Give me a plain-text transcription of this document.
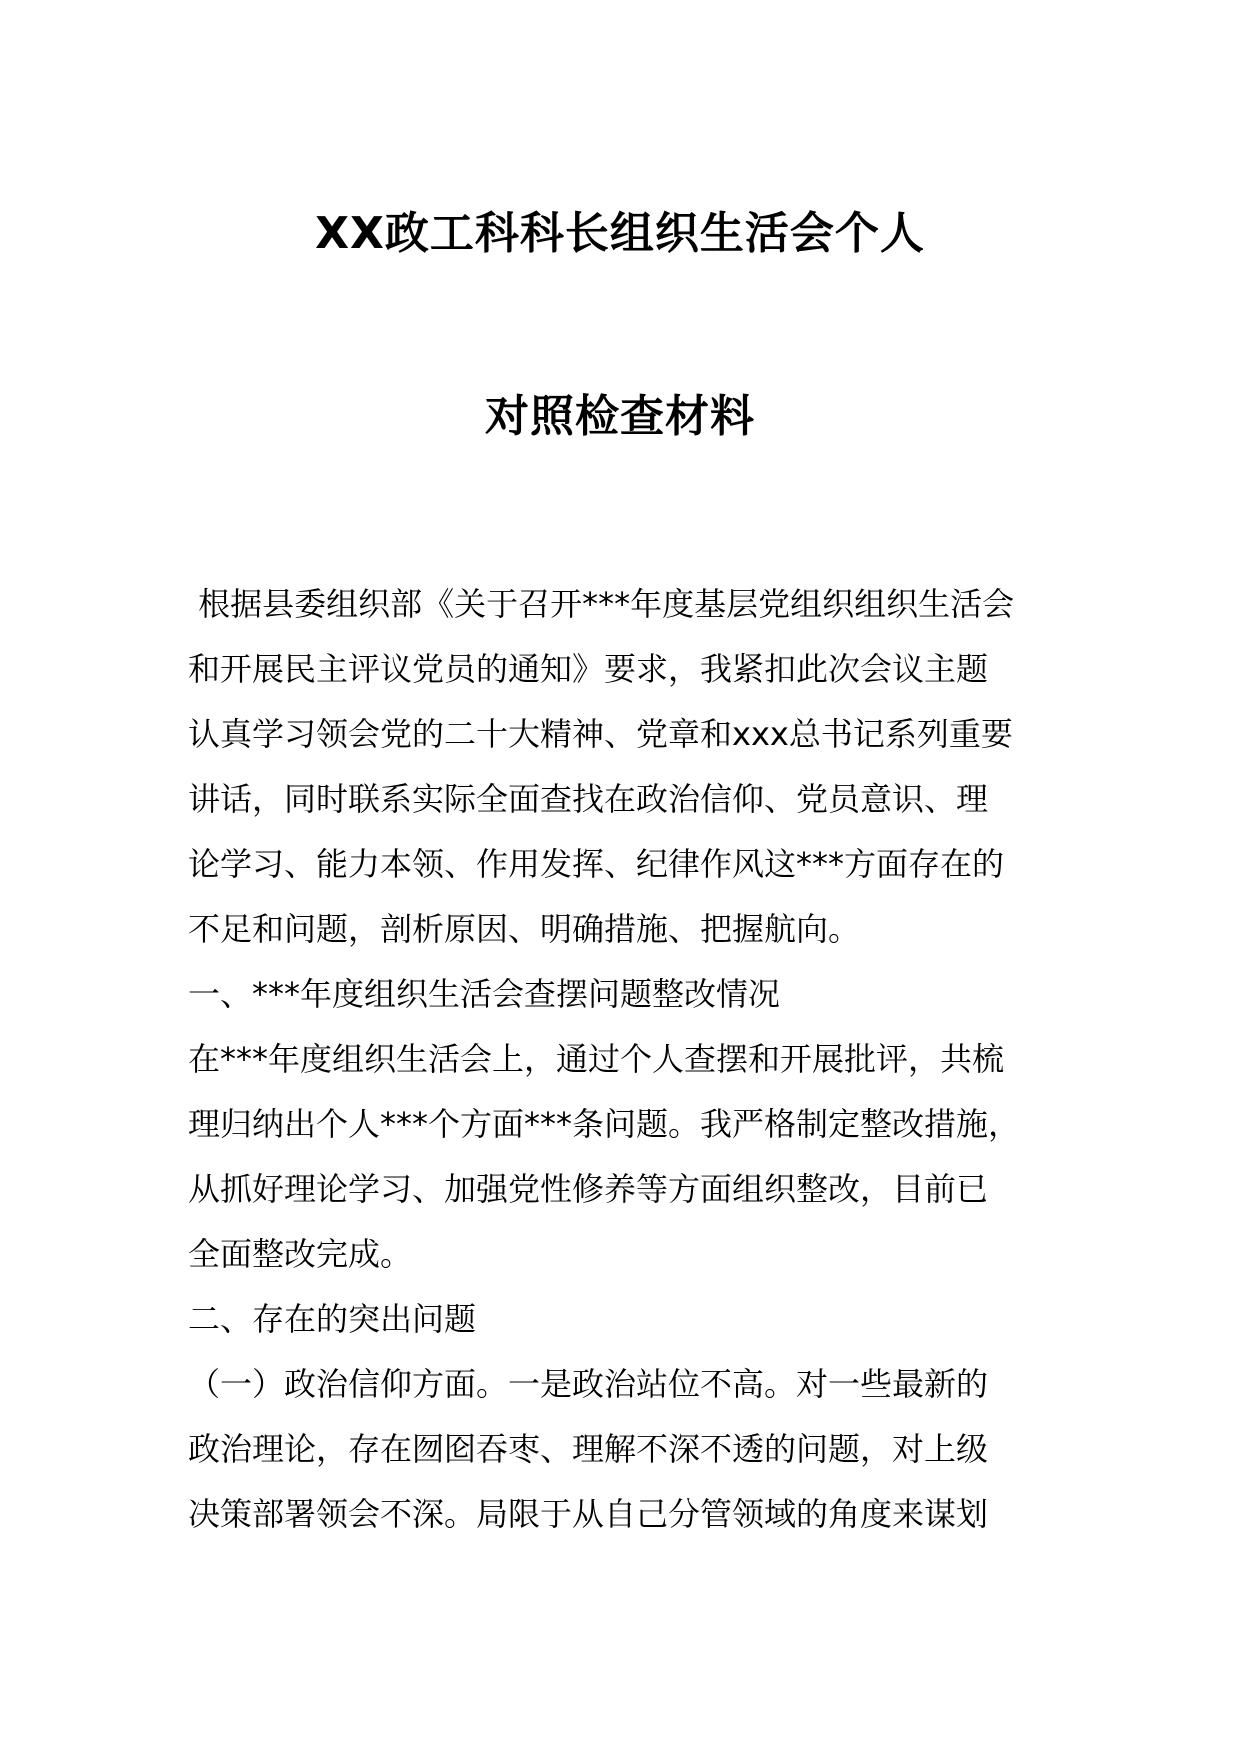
XX政工科科长组织生活会个人
对照检查材料
根据县委组织部《关于召开***年度基层党组织组织生活会
和开展民主评议党员的通知》要求，我紧扣此次会议主题
认真学习领会党的二十大精神、党章和xxx总书记系列重要
讲话，同时联系实际全面查找在政治信仰、党员意识、理
论学习、能力本领、作用发挥、纪律作风这***方面存在的
不足和问题，剖析原因、明确措施、把握航向。
一、***年度组织生活会查摆问题整改情况
在***年度组织生活会上，通过个人查摆和开展批评，共梳
理归纳出个人***个方面***条问题。我严格制定整改措施，
从抓好理论学习、加强党性修养等方面组织整改，目前已
全面整改完成。
二、存在的突出问题
（一）政治信仰方面。一是政治站位不高。对一些最新的
政治理论，存在囫囵吞枣、理解不深不透的问题，对上级
决策部署领会不深。局限于从自己分管领域的角度来谋划
